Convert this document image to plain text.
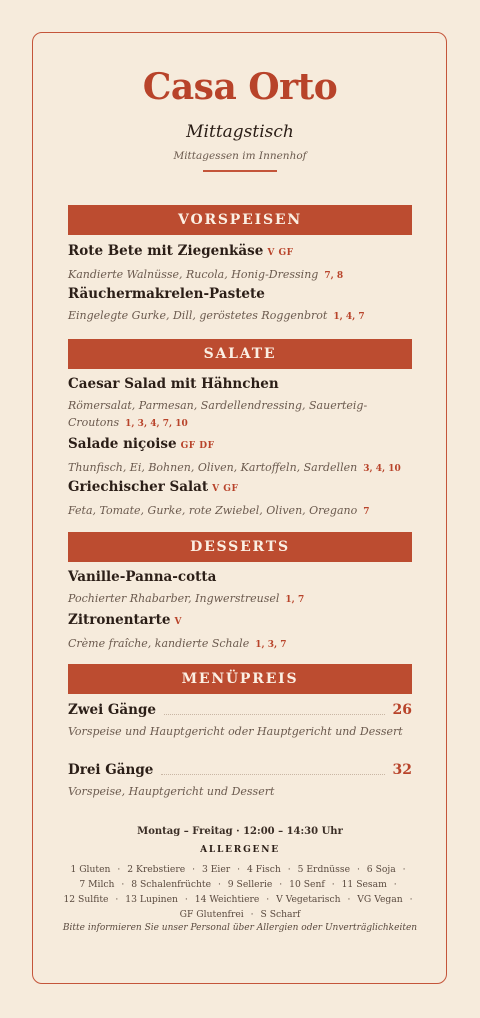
Casa Orto
Mittagstisch
Mittagessen im Innenhof
VORSPEISEN
Rote Bete mit Ziegenkäse V GF
Kandierte Walnüsse, Rucola, Honig-Dressing 7, 8
Räuchermakrelen-Pastete
Eingelegte Gurke, Dill, geröstetes Roggenbrot 1, 4, 7
SALATE
Caesar Salad mit Hähnchen
Römersalat, Parmesan, Sardellendressing, Sauerteig-Croutons 1, 3, 4, 7, 10
Salade niçoise GF DF
Thunfisch, Ei, Bohnen, Oliven, Kartoffeln, Sardellen 3, 4, 10
Griechischer Salat V GF
Feta, Tomate, Gurke, rote Zwiebel, Oliven, Oregano 7
DESSERTS
Vanille-Panna-cotta
Pochierter Rhabarber, Ingwerstreusel 1, 7
Zitronentarte V
Crème fraîche, kandierte Schale 1, 3, 7
MENÜPREIS
Zwei Gänge	26
Vorspeise und Hauptgericht oder Hauptgericht und Dessert
Drei Gänge	32
Vorspeise, Hauptgericht und Dessert
Montag – Freitag · 12:00 – 14:30 Uhr
ALLERGENE
1 Gluten · 2 Krebstiere · 3 Eier · 4 Fisch · 5 Erdnüsse · 6 Soja · 7 Milch · 8 Schalenfrüchte · 9 Sellerie · 10 Senf · 11 Sesam · 12 Sulfite · 13 Lupinen · 14 Weichtiere · V Vegetarisch · VG Vegan · GF Glutenfrei · S Scharf
Bitte informieren Sie unser Personal über Allergien oder Unverträglichkeiten
